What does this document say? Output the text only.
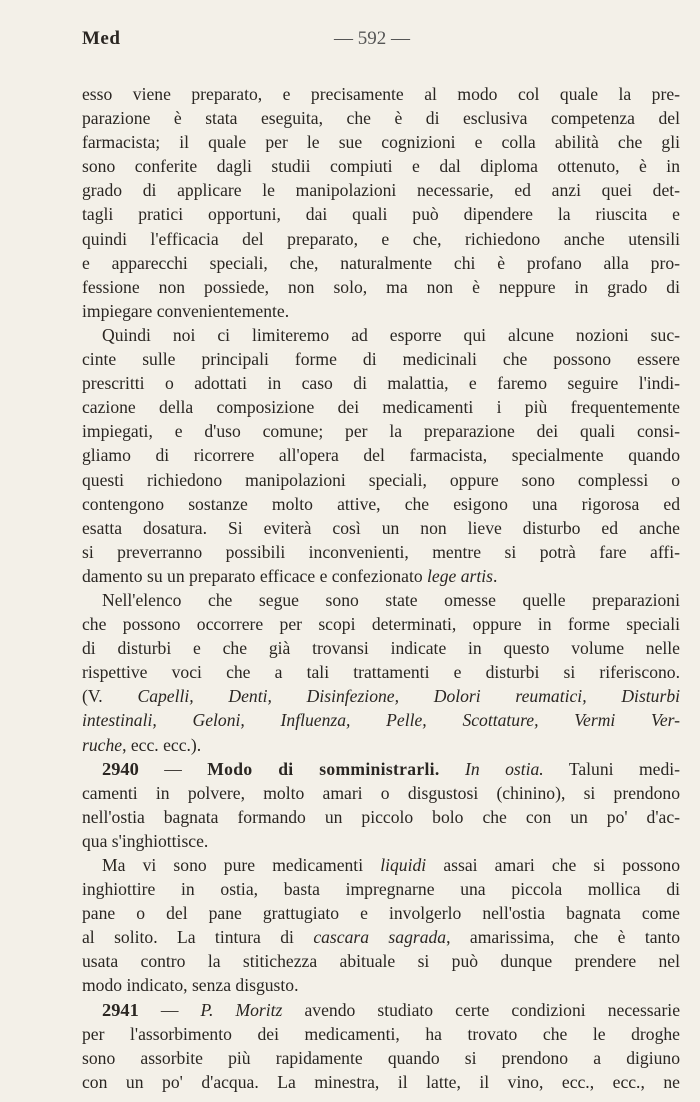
Med	— 592 —
esso viene preparato, e precisamente al modo col quale la pre-
parazione è stata eseguita, che è di esclusiva competenza del
farmacista; il quale per le sue cognizioni e colla abilità che gli
sono conferite dagli studii compiuti e dal diploma ottenuto, è in
grado di applicare le manipolazioni necessarie, ed anzi quei det-
tagli pratici opportuni, dai quali può dipendere la riuscita e
quindi l'efficacia del preparato, e che, richiedono anche utensili
e apparecchi speciali, che, naturalmente chi è profano alla pro-
fessione non possiede, non solo, ma non è neppure in grado di
impiegare convenientemente.
Quindi noi ci limiteremo ad esporre qui alcune nozioni suc-
cinte sulle principali forme di medicinali che possono essere
prescritti o adottati in caso di malattia, e faremo seguire l'indi-
cazione della composizione dei medicamenti i più frequentemente
impiegati, e d'uso comune; per la preparazione dei quali consi-
gliamo di ricorrere all'opera del farmacista, specialmente quando
questi richiedono manipolazioni speciali, oppure sono complessi o
contengono sostanze molto attive, che esigono una rigorosa ed
esatta dosatura. Si eviterà così un non lieve disturbo ed anche
si preverranno possibili inconvenienti, mentre si potrà fare affi-
damento su un preparato efficace e confezionato lege artis.
Nell'elenco che segue sono state omesse quelle preparazioni
che possono occorrere per scopi determinati, oppure in forme speciali
di disturbi e che già trovansi indicate in questo volume nelle
rispettive voci che a tali trattamenti e disturbi si riferiscono.
(V. Capelli, Denti, Disinfezione, Dolori reumatici, Disturbi
intestinali, Geloni, Influenza, Pelle, Scottature, Vermi Ver-
ruche, ecc. ecc.).
2940 — Modo di somministrarli. In ostia. Taluni medi-
camenti in polvere, molto amari o disgustosi (chinino), si prendono
nell'ostia bagnata formando un piccolo bolo che con un po' d'ac-
qua s'inghiottisce.
Ma vi sono pure medicamenti liquidi assai amari che si possono
inghiottire in ostia, basta impregnarne una piccola mollica di
pane o del pane grattugiato e involgerlo nell'ostia bagnata come
al solito. La tintura di cascara sagrada, amarissima, che è tanto
usata contro la stitichezza abituale si può dunque prendere nel
modo indicato, senza disgusto.
2941 — P. Moritz avendo studiato certe condizioni necessarie
per l'assorbimento dei medicamenti, ha trovato che le droghe
sono assorbite più rapidamente quando si prendono a digiuno
con un po' d'acqua. La minestra, il latte, il vino, ecc., ecc., ne
